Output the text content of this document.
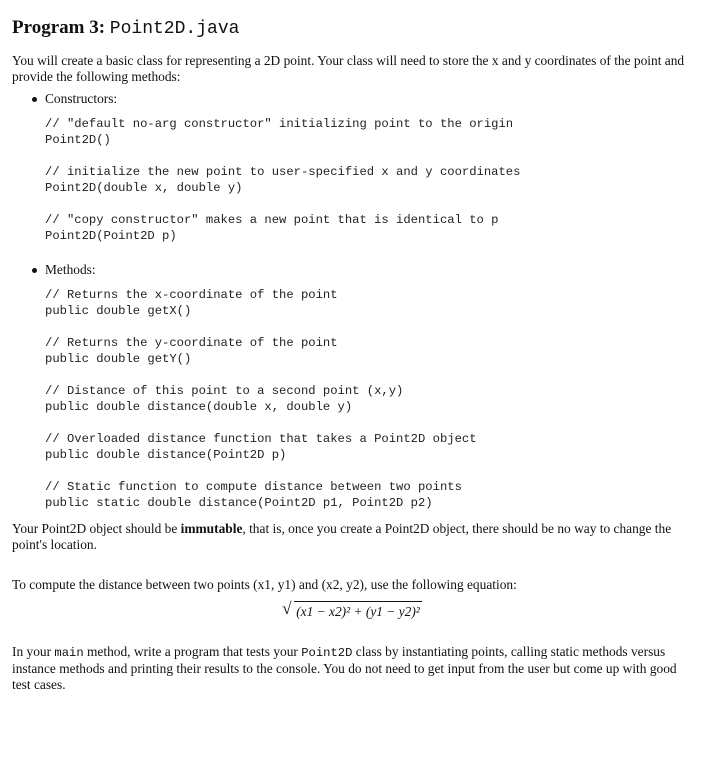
Program 3: Point2D.java

You will create a basic class for representing a 2D point. Your class will need to store the x and y coordinates of the point and provide the following methods:

Constructors:
// "default no-arg constructor" initializing point to the origin
Point2D()
// initialize the new point to user-specified x and y coordinates
Point2D(double x, double y)
// "copy constructor" makes a new point that is identical to p
Point2D(Point2D p)
Methods:
// Returns the x-coordinate of the point
public double getX()
// Returns the y-coordinate of the point
public double getY()
// Distance of this point to a second point (x,y)
public double distance(double x, double y)
// Overloaded distance function that takes a Point2D object
public double distance(Point2D p)
// Static function to compute distance between two points
public static double distance(Point2D p1, Point2D p2)

Your Point2D object should be immutable, that is, once you create a Point2D object, there should be no way to change the point's location.

To compute the distance between two points (x1, y1) and (x2, y2), use the following equation:

√ (x1 − x2)² + (y1 − y2)²

In your main method, write a program that tests your Point2D class by instantiating points, calling static methods versus instance methods and printing their results to the console. You do not need to get input from the user but come up with good test cases.
